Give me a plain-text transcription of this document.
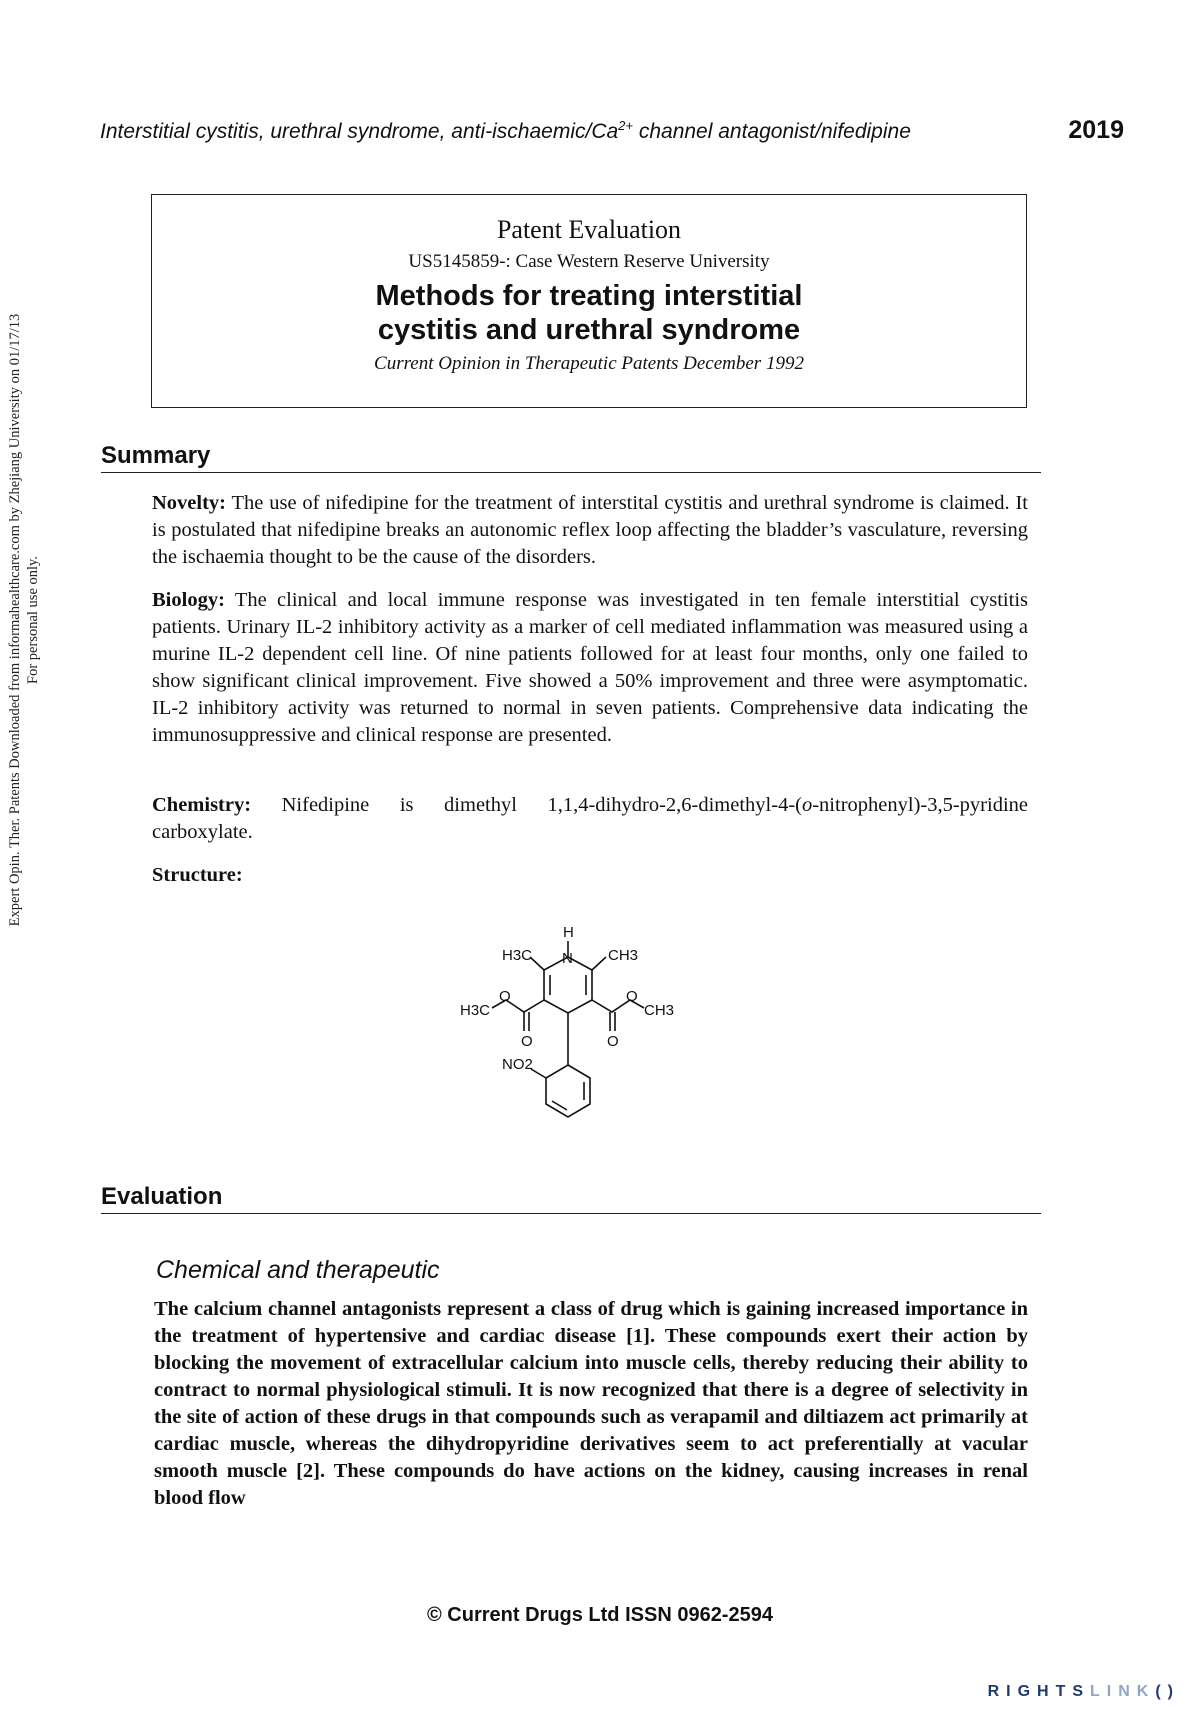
Interstitial cystitis, urethral syndrome, anti-$ischaemic/Ca^{2+}$ channel antagonist/nifedipine	2019
Patent Evaluation
US5145859-: Case Western Reserve University
Methods for treating interstitial cystitis and urethral syndrome
Current Opinion in Therapeutic Patents December 1992
Summary
Novelty: The use of nifedipine for the treatment of interstital cystitis and urethral syndrome is claimed. It is postulated that nifedipine breaks an autonomic reflex loop affecting the bladder’s vasculature, reversing the ischaemia thought to be the cause of the disorders.
Biology: The clinical and local immune response was investigated in ten female interstitial cystitis patients. Urinary IL-2 inhibitory activity as a marker of cell mediated inflammation was measured using a murine IL-2 dependent cell line. Of nine patients followed for at least four months, only one failed to show significant clinical improvement. Five showed a 50% improvement and three were asymptomatic. IL-2 inhibitory activity was returned to normal in seven patients. Comprehensive data indicating the immunosuppressive and clinical response are presented.
Chemistry: Nifedipine is dimethyl 1,1,4-dihydro-2,6-dimethyl-4-(o-nitrophenyl)-3,5-pyridine carboxylate.
Structure:
H
N
H3C	CH3
O
H3C
O
CH3
O	O
NO2
Evaluation
Chemical and therapeutic
The calcium channel antagonists represent a class of drug which is gaining increased importance in the treatment of hypertensive and cardiac disease [1]. These compounds exert their action by blocking the movement of extracellular calcium into muscle cells, thereby reducing their ability to contract to normal physiological stimuli. It is now recognized that there is a degree of selectivity in the site of action of these drugs in that compounds such as verapamil and diltiazem act primarily at cardiac muscle, whereas the dihydropyridine derivatives seem to act preferentially at vacular smooth muscle [2]. These compounds do have actions on the kidney, causing increases in renal blood flow
© Current Drugs Ltd ISSN 0962-2594
RIGHTSLINK()
Expert Opin. Ther. Patents Downloaded from informahealthcare.com by Zhejiang University on 01/17/13 For personal use only.
